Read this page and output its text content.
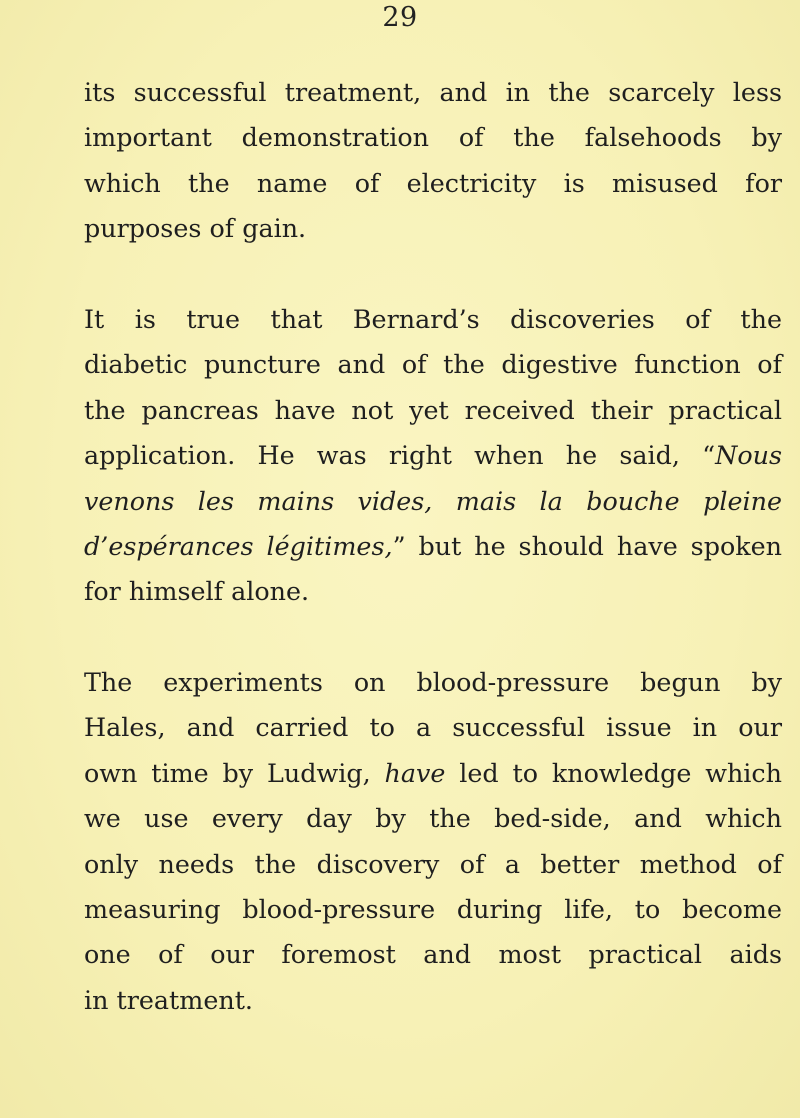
29
its successful treatment, and in the scarcely less
important demonstration of the falsehoods by
which the name of electricity is misused for
purposes of gain.
It is true that Bernard’s discoveries of the
diabetic puncture and of the digestive function of
the pancreas have not yet received their practical
application. He was right when he said, “Nous
venons les mains vides, mais la bouche pleine
d’espérances légitimes,” but he should have spoken
for himself alone.
The experiments on blood-pressure begun by
Hales, and carried to a successful issue in our
own time by Ludwig, have led to knowledge which
we use every day by the bed-side, and which
only needs the discovery of a better method of
measuring blood-pressure during life, to become
one of our foremost and most practical aids
in treatment.
